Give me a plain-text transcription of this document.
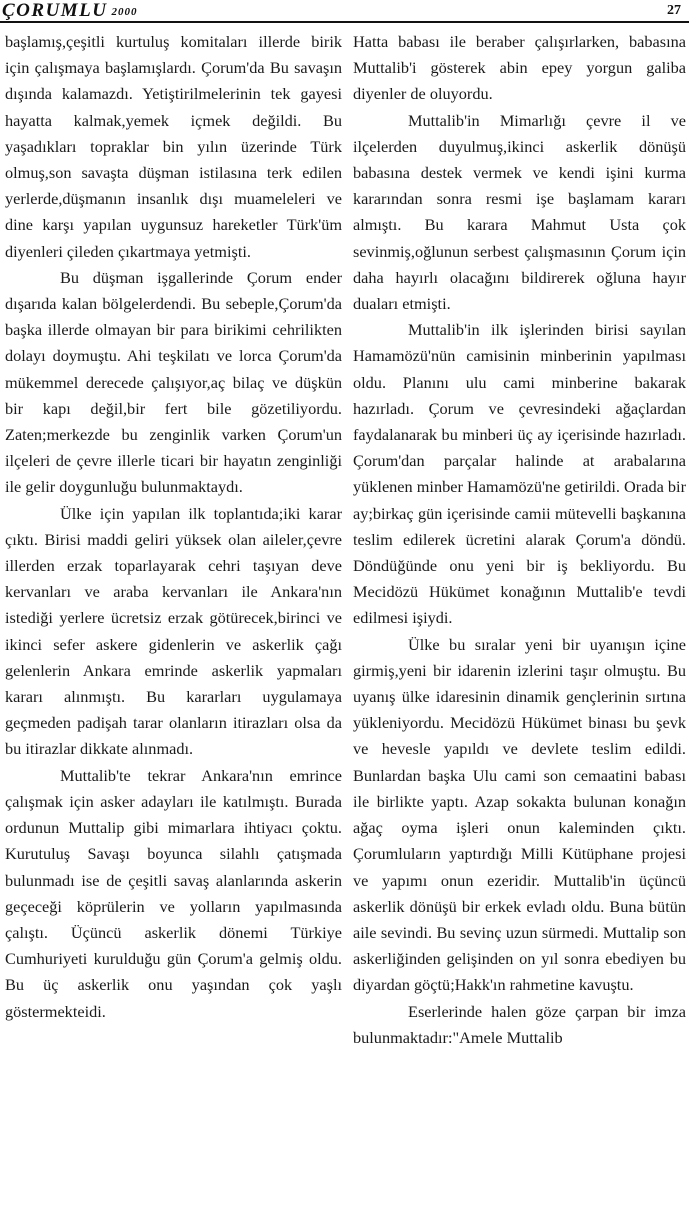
ÇORUMLU 2000	27

başlamış,çeşitli kurtuluş komitaları illerde birik için çalışmaya başlamışlardı. Çorum'da Bu savaşın dışında kalamazdı. Yetiştirilmelerinin tek gayesi hayatta kalmak,yemek içmek değildi. Bu yaşadıkları topraklar bin yılın üzerinde Türk olmuş,son savaşta düşman istilasına terk edilen yerlerde,düşmanın insanlık dışı muameleleri ve dine karşı yapılan uygunsuz hareketler Türk'üm diyenleri çileden çıkartmaya yetmişti.

Bu düşman işgallerinde Çorum ender dışarıda kalan bölgelerdendi. Bu sebeple,Çorum'da başka illerde olmayan bir para birikimi cehrilikten dolayı doymuştu. Ahi teşkilatı ve lorca Çorum'da mükemmel derecede çalışıyor,aç bilaç ve düşkün bir kapı değil,bir fert bile gözetiliyordu. Zaten;merkezde bu zenginlik varken Çorum'un ilçeleri de çevre illerle ticari bir hayatın zenginliği ile gelir doygunluğu bulunmaktaydı.

Ülke için yapılan ilk toplantıda;iki karar çıktı. Birisi maddi geliri yüksek olan aileler,çevre illerden erzak toparlayarak cehri taşıyan deve kervanları ve araba kervanları ile Ankara'nın istediği yerlere ücretsiz erzak götürecek,birinci ve ikinci sefer askere gidenlerin ve askerlik çağı gelenlerin Ankara emrinde askerlik yapmaları kararı alınmıştı. Bu kararları uygulamaya geçmeden padişah tarar olanların itirazları olsa da bu itirazlar dikkate alınmadı.

Muttalib'te tekrar Ankara'nın emrince çalışmak için asker adayları ile katılmıştı. Burada ordunun Muttalip gibi mimarlara ihtiyacı çoktu. Kurutuluş Savaşı boyunca silahlı çatışmada bulunmadı ise de çeşitli savaş alanlarında askerin geçeceği köprülerin ve yolların yapılmasında çalıştı. Üçüncü askerlik dönemi Türkiye Cumhuriyeti kurulduğu gün Çorum'a gelmiş oldu. Bu üç askerlik onu yaşından çok yaşlı göstermekteidi.

Hatta babası ile beraber çalışırlarken, babasına Muttalib'i gösterek abin epey yorgun galiba diyenler de oluyordu.

Muttalib'in Mimarlığı çevre il ve ilçelerden duyulmuş,ikinci askerlik dönüşü babasına destek vermek ve kendi işini kurma kararından sonra resmi işe başlamam kararı almıştı. Bu karara Mahmut Usta çok sevinmiş,oğlunun serbest çalışmasının Çorum için daha hayırlı olacağını bildirerek oğluna hayır duaları etmişti.

Muttalib'in ilk işlerinden birisi sayılan Hamamözü'nün camisinin minberinin yapılması oldu. Planını ulu cami minberine bakarak hazırladı. Çorum ve çevresindeki ağaçlardan faydalanarak bu minberi üç ay içerisinde hazırladı. Çorum'dan parçalar halinde at arabalarına yüklenen minber Hamamözü'ne getirildi. Orada bir ay;birkaç gün içerisinde camii mütevelli başkanına teslim edilerek ücretini alarak Çorum'a döndü. Döndüğünde onu yeni bir iş bekliyordu. Bu Mecidözü Hükümet konağının Muttalib'e tevdi edilmesi işiydi.

Ülke bu sıralar yeni bir uyanışın içine girmiş,yeni bir idarenin izlerini taşır olmuştu. Bu uyanış ülke idaresinin dinamik gençlerinin sırtına yükleniyordu. Mecidözü Hükümet binası bu şevk ve hevesle yapıldı ve devlete teslim edildi. Bunlardan başka Ulu cami son cemaatini babası ile birlikte yaptı. Azap sokakta bulunan konağın ağaç oyma işleri onun kaleminden çıktı. Çorumluların yaptırdığı Milli Kütüphane projesi ve yapımı onun ezeridir. Muttalib'in üçüncü askerlik dönüşü bir erkek evladı oldu. Buna bütün aile sevindi. Bu sevinç uzun sürmedi. Muttalip son askerliğinden gelişinden on yıl sonra ebediyen bu diyardan göçtü;Hakk'ın rahmetine kavuştu.

Eserlerinde halen göze çarpan bir imza bulunmaktadır:"Amele Muttalib
